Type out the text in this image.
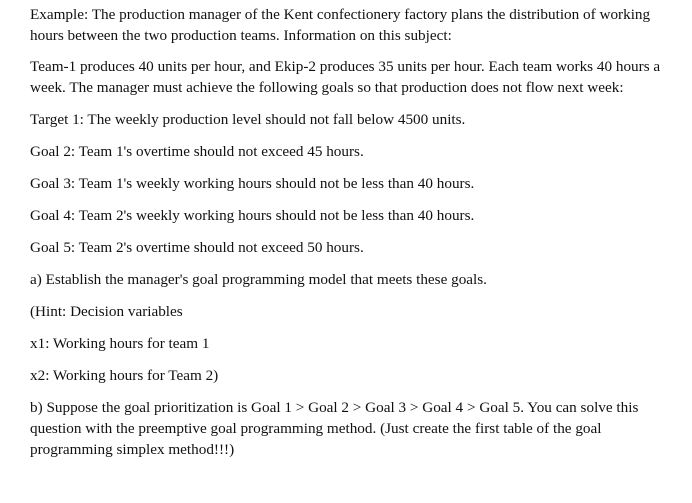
Example: The production manager of the Kent confectionery factory plans the distribution of working hours between the two production teams. Information on this subject:

Team-1 produces 40 units per hour, and Ekip-2 produces 35 units per hour. Each team works 40 hours a week. The manager must achieve the following goals so that production does not flow next week:

Target 1: The weekly production level should not fall below 4500 units.

Goal 2: Team 1's overtime should not exceed 45 hours.

Goal 3: Team 1's weekly working hours should not be less than 40 hours.

Goal 4: Team 2's weekly working hours should not be less than 40 hours.

Goal 5: Team 2's overtime should not exceed 50 hours.

a) Establish the manager's goal programming model that meets these goals.

(Hint: Decision variables

x1: Working hours for team 1

x2: Working hours for Team 2)

b) Suppose the goal prioritization is Goal 1 > Goal 2 > Goal 3 > Goal 4 > Goal 5. You can solve this question with the preemptive goal programming method. (Just create the first table of the goal programming simplex method!!!)
